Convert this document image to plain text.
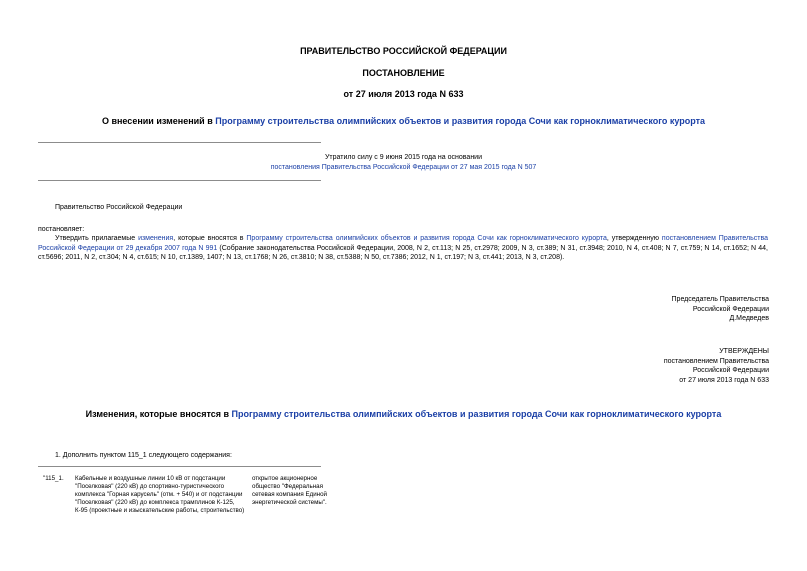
ПРАВИТЕЛЬСТВО РОССИЙСКОЙ ФЕДЕРАЦИИ
ПОСТАНОВЛЕНИЕ
от 27 июля 2013 года N 633
О внесении изменений в Программу строительства олимпийских объектов и развития города Сочи как горноклиматического курорта
Утратило силу с 9 июня 2015 года на основании
постановления Правительства Российской Федерации от 27 мая 2015 года N 507
Правительство Российской Федерации
постановляет:
Утвердить прилагаемые изменения, которые вносятся в Программу строительства олимпийских объектов и развития города Сочи как горноклиматического курорта, утвержденную постановлением Правительства Российской Федерации от 29 декабря 2007 года N 991 (Собрание законодательства Российской Федерации, 2008, N 2, ст.113; N 25, ст.2978; 2009, N 3, ст.389; N 31, ст.3948; 2010, N 4, ст.408; N 7, ст.759; N 14, ст.1652; N 44, ст.5696; 2011, N 2, ст.304; N 4, ст.615; N 10, ст.1389, 1407; N 13, ст.1768; N 26, ст.3810; N 38, ст.5388; N 50, ст.7386; 2012, N 1, ст.197; N 3, ст.441; 2013, N 3, ст.208).
Председатель Правительства
Российской Федерации
Д.Медведев
УТВЕРЖДЕНЫ
постановлением Правительства
Российской Федерации
от 27 июля 2013 года N 633
Изменения, которые вносятся в Программу строительства олимпийских объектов и развития города Сочи как горноклиматического курорта
1. Дополнить пунктом 115_1 следующего содержания:
"115_1. Кабельные и воздушные линии 10 кВ от подстанции "Поселковая" (220 кВ) до спортивно-туристического комплекса "Горная карусель" (отм. + 540) и от подстанции "Поселковая" (220 кВ) до комплекса трамплинов К-125, К-95 (проектные и изыскательские работы, строительство)
открытое акционерное общество "Федеральная сетевая компания Единой энергетической системы".
